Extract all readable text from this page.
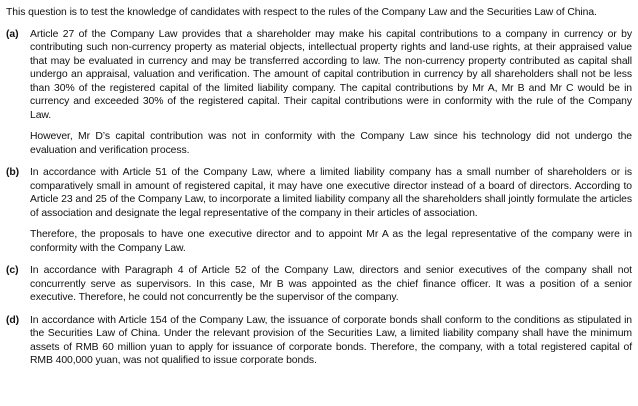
This question is to test the knowledge of candidates with respect to the rules of the Company Law and the Securities Law of China.

(a)	Article 27 of the Company Law provides that a shareholder may make his capital contributions to a company in currency or by contributing such non-currency property as material objects, intellectual property rights and land-use rights, at their appraised value that may be evaluated in currency and may be transferred according to law. The non-currency property contributed as capital shall undergo an appraisal, valuation and verification. The amount of capital contribution in currency by all shareholders shall not be less than 30% of the registered capital of the limited liability company. The capital contributions by Mr A, Mr B and Mr C would be in currency and exceeded 30% of the registered capital. Their capital contributions were in conformity with the rule of the Company Law.

However, Mr D’s capital contribution was not in conformity with the Company Law since his technology did not undergo the evaluation and verification process.

(b)	In accordance with Article 51 of the Company Law, where a limited liability company has a small number of shareholders or is comparatively small in amount of registered capital, it may have one executive director instead of a board of directors. According to Article 23 and 25 of the Company Law, to incorporate a limited liability company all the shareholders shall jointly formulate the articles of association and designate the legal representative of the company in their articles of association.

Therefore, the proposals to have one executive director and to appoint Mr A as the legal representative of the company were in conformity with the Company Law.

(c)	In accordance with Paragraph 4 of Article 52 of the Company Law, directors and senior executives of the company shall not concurrently serve as supervisors. In this case, Mr B was appointed as the chief finance officer. It was a position of a senior executive. Therefore, he could not concurrently be the supervisor of the company.

(d)	In accordance with Article 154 of the Company Law, the issuance of corporate bonds shall conform to the conditions as stipulated in the Securities Law of China. Under the relevant provision of the Securities Law, a limited liability company shall have the minimum assets of RMB 60 million yuan to apply for issuance of corporate bonds. Therefore, the company, with a total registered capital of RMB 400,000 yuan, was not qualified to issue corporate bonds.
